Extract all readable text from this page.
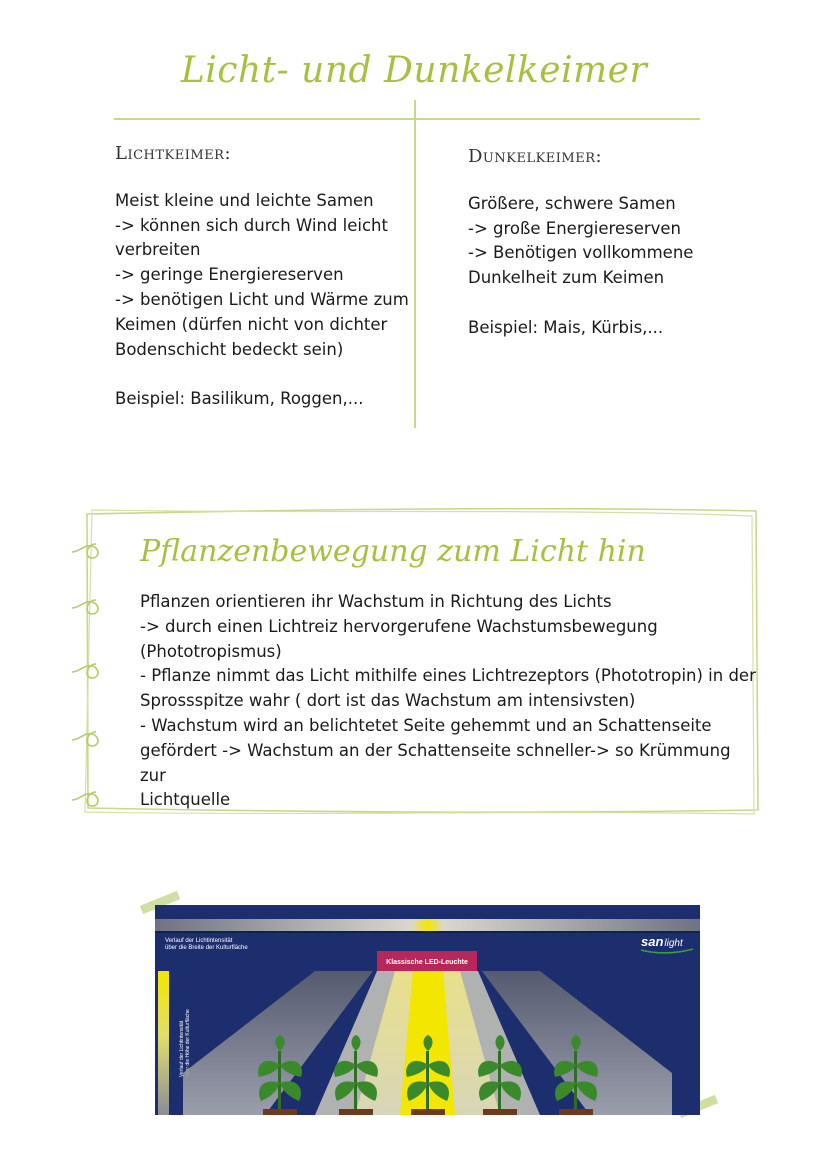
Licht- und Dunkelkeimer
Lichtkeimer:
Meist kleine und leichte Samen
-> können sich durch Wind leicht
verbreiten
-> geringe Energiereserven
-> benötigen Licht und Wärme zum
Keimen (dürfen nicht von dichter
Bodenschicht bedeckt sein)
Beispiel: Basilikum, Roggen,...
Dunkelkeimer:
Größere, schwere Samen
-> große Energiereserven
-> Benötigen vollkommene
Dunkelheit zum Keimen
Beispiel: Mais, Kürbis,...
Pflanzenbewegung zum Licht hin
Pflanzen orientieren ihr Wachstum in Richtung des Lichts
-> durch einen Lichtreiz hervorgerufene Wachstumsbewegung
(Phototropismus)
- Pflanze nimmt das Licht mithilfe eines Lichtrezeptors (Phototropin) in der
Sprossspitze wahr ( dort ist das Wachstum am intensivsten)
- Wachstum wird an belichtetet Seite gehemmt und an Schattenseite
gefördert -> Wachstum an der Schattenseite schneller-> so Krümmung zur
Lichtquelle
Verlauf der Lichtintensität
über die Breite der Kulturfläche	sanlight
Verlauf der Lichtintensitätüber die Höhe der Kulturfläche
Klassische LED-Leuchte
